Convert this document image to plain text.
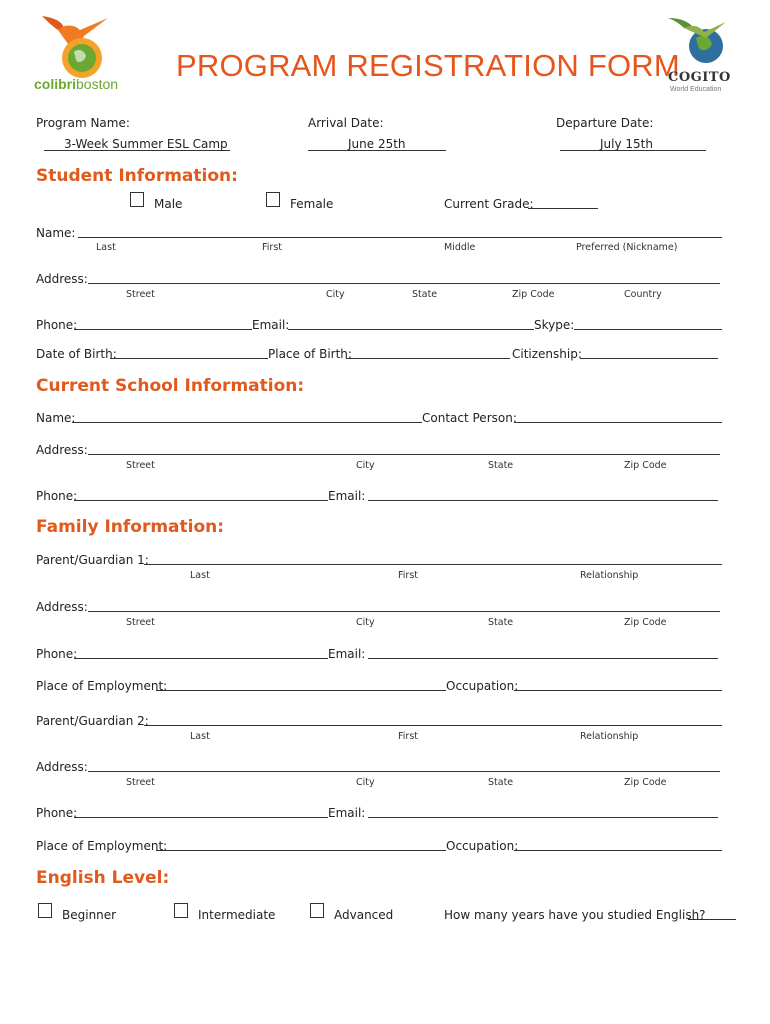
colibriboston
PROGRAM REGISTRATION FORM
COGITO
World Education
Program Name:	Arrival Date:	Departure Date:
3-Week Summer ESL Camp	June 25th	July 15th
Student Information:
Male	Female	Current Grade:
Name:
Last	First	Middle	Preferred (Nickname)
Address:
Street	City	State	Zip Code	Country
Phone:	Email:	Skype:
Date of Birth:	Place of Birth:	Citizenship:
Current School Information:
Name:	Contact Person:
Address:
Street	City	State	Zip Code
Phone:	Email:
Family Information:
Parent/Guardian 1:
Last	First	Relationship
Address:
Street	City	State	Zip Code
Phone:	Email:
Place of Employment:	Occupation:
Parent/Guardian 2:
Last	First	Relationship
Address:
Street	City	State	Zip Code
Phone:	Email:
Place of Employment:	Occupation:
English Level:
Beginner	Intermediate	Advanced	How many years have you studied English?
